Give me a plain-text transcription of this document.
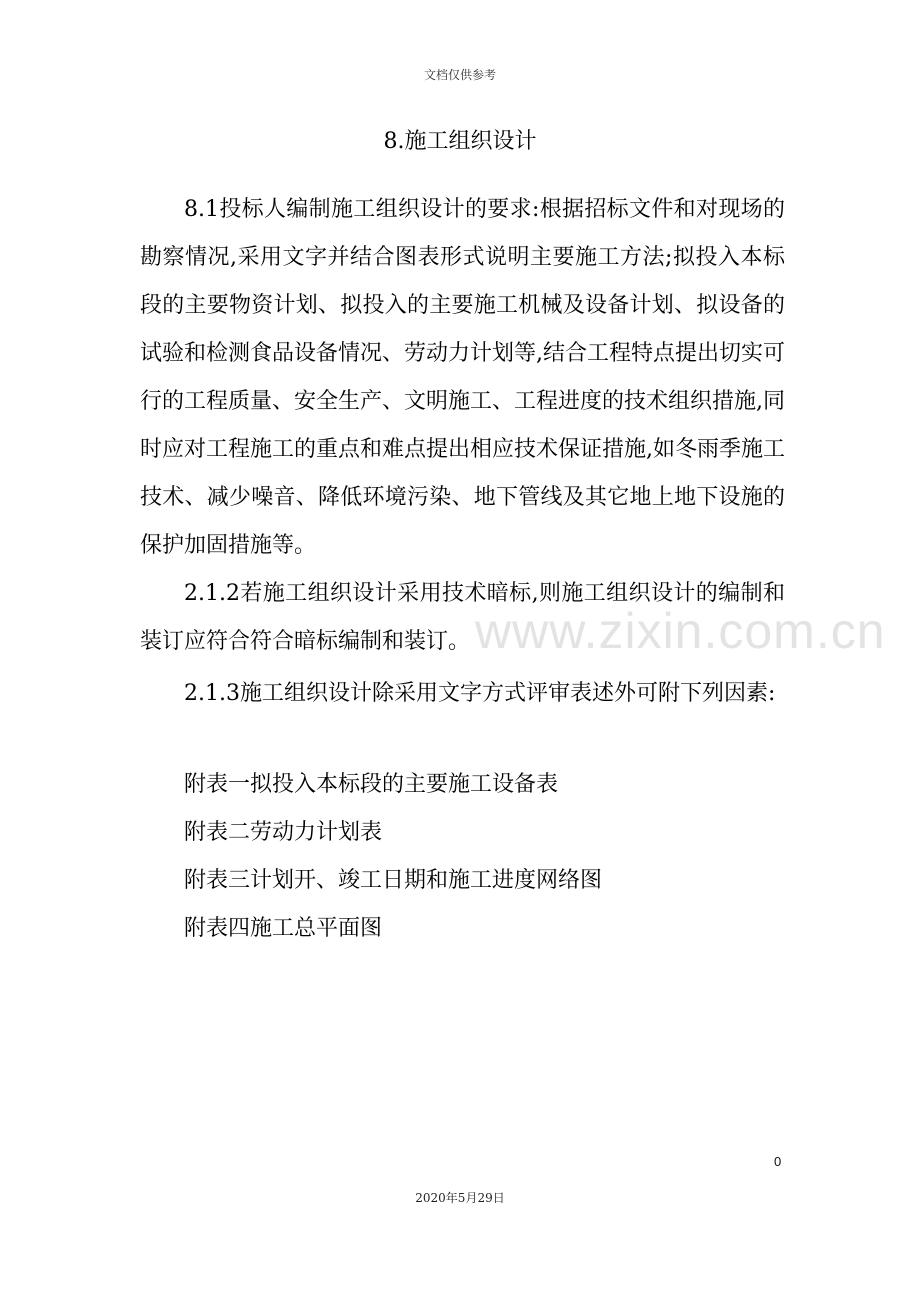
文档仅供参考
8.施工组织设计

8.1投标人编制施工组织设计的要求:根据招标文件和对现场的勘察情况,采用文字并结合图表形式说明主要施工方法;拟投入本标段的主要物资计划、拟投入的主要施工机械及设备计划、拟设备的试验和检测食品设备情况、劳动力计划等,结合工程特点提出切实可行的工程质量、安全生产、文明施工、工程进度的技术组织措施,同时应对工程施工的重点和难点提出相应技术保证措施,如冬雨季施工技术、减少噪音、降低环境污染、地下管线及其它地上地下设施的保护加固措施等。

2.1.2若施工组织设计采用技术暗标,则施工组织设计的编制和装订应符合符合暗标编制和装订。

2.1.3施工组织设计除采用文字方式评审表述外可附下列因素:

附表一拟投入本标段的主要施工设备表

附表二劳动力计划表

附表三计划开、竣工日期和施工进度网络图

附表四施工总平面图

www.zixin.com.cn
0
2020年5月29日
